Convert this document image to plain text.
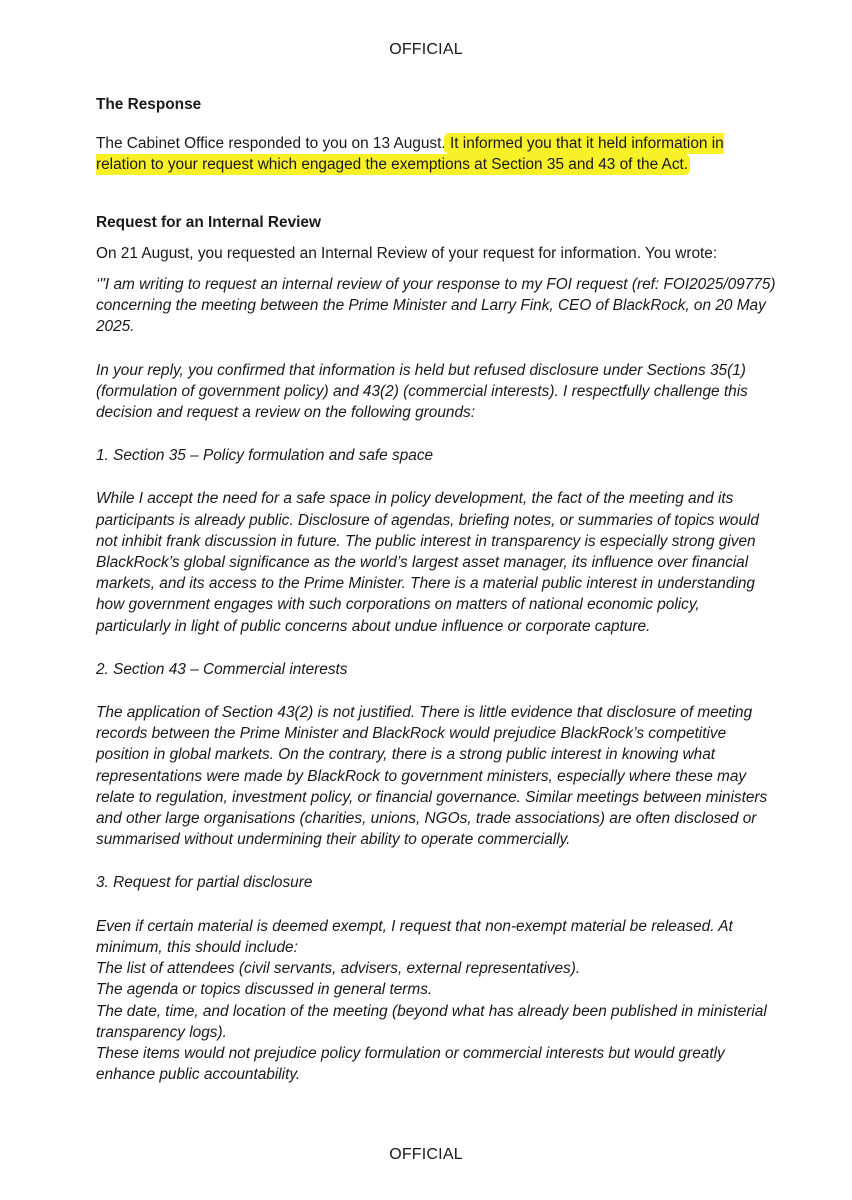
OFFICIAL

The Response

The Cabinet Office responded to you on 13 August. It informed you that it held information in relation to your request which engaged the exemptions at Section 35 and 43 of the Act.

Request for an Internal Review

On 21 August, you requested an Internal Review of your request for information. You wrote:

‘"I am writing to request an internal review of your response to my FOI request (ref: FOI2025/09775) concerning the meeting between the Prime Minister and Larry Fink, CEO of BlackRock, on 20 May 2025.

In your reply, you confirmed that information is held but refused disclosure under Sections 35(1) (formulation of government policy) and 43(2) (commercial interests). I respectfully challenge this decision and request a review on the following grounds:

1. Section 35 – Policy formulation and safe space

While I accept the need for a safe space in policy development, the fact of the meeting and its participants is already public. Disclosure of agendas, briefing notes, or summaries of topics would not inhibit frank discussion in future. The public interest in transparency is especially strong given BlackRock’s global significance as the world’s largest asset manager, its influence over financial markets, and its access to the Prime Minister. There is a material public interest in understanding how government engages with such corporations on matters of national economic policy, particularly in light of public concerns about undue influence or corporate capture.

2. Section 43 – Commercial interests

The application of Section 43(2) is not justified. There is little evidence that disclosure of meeting records between the Prime Minister and BlackRock would prejudice BlackRock’s competitive position in global markets. On the contrary, there is a strong public interest in knowing what representations were made by BlackRock to government ministers, especially where these may relate to regulation, investment policy, or financial governance. Similar meetings between ministers and other large organisations (charities, unions, NGOs, trade associations) are often disclosed or summarised without undermining their ability to operate commercially.

3. Request for partial disclosure

Even if certain material is deemed exempt, I request that non-exempt material be released. At minimum, this should include:

The list of attendees (civil servants, advisers, external representatives).

The agenda or topics discussed in general terms.

The date, time, and location of the meeting (beyond what has already been published in ministerial transparency logs).

These items would not prejudice policy formulation or commercial interests but would greatly enhance public accountability.

OFFICIAL
